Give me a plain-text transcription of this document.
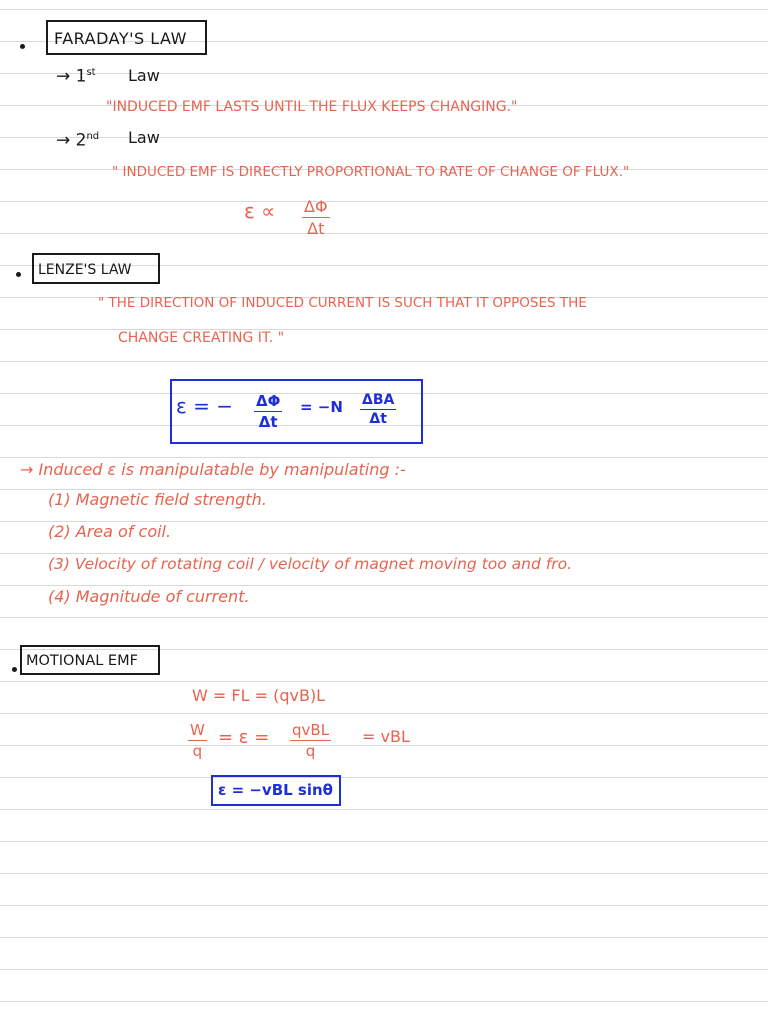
FARADAY'S LAW
→ 1st Law
"INDUCED EMF LASTS UNTIL THE FLUX KEEPS CHANGING."
→ 2nd Law
" INDUCED EMF IS DIRECTLY PROPORTIONAL TO RATE OF CHANGE OF FLUX."
ε ∝ ΔΦ
Δt
LENZE'S LAW
" THE DIRECTION OF INDUCED CURRENT IS SUCH THAT IT OPPOSES THE
CHANGE CREATING IT. "
ε = − ΔΦ
Δt
= −N ΔBA
Δt
→ Induced ε is manipulatable by manipulating :-
(1) Magnetic field strength.
(2) Area of coil.
(3) Velocity of rotating coil / velocity of magnet moving too and fro.
(4) Magnitude of current.
MOTIONAL EMF
W = FL = (qvB)L
W
q
= ε = qvBL
q
= vBL
ε = −vBL sinθ
